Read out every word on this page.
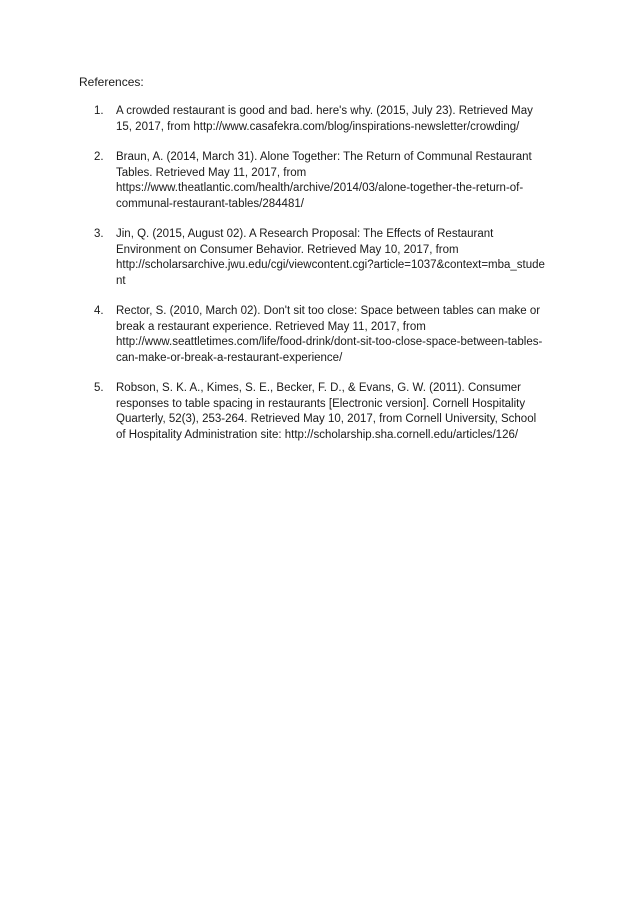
References:
1. A crowded restaurant is good and bad. here's why. (2015, July 23). Retrieved May
15, 2017, from http://www.casafekra.com/blog/inspirations-newsletter/crowding/
2. Braun, A. (2014, March 31). Alone Together: The Return of Communal Restaurant
Tables. Retrieved May 11, 2017, from
https://www.theatlantic.com/health/archive/2014/03/alone-together-the-return-of-
communal-restaurant-tables/284481/
3. Jin, Q. (2015, August 02). A Research Proposal: The Effects of Restaurant
Environment on Consumer Behavior. Retrieved May 10, 2017, from
http://scholarsarchive.jwu.edu/cgi/viewcontent.cgi?article=1037&context=mba_stude
nt
4. Rector, S. (2010, March 02). Don't sit too close: Space between tables can make or
break a restaurant experience. Retrieved May 11, 2017, from
http://www.seattletimes.com/life/food-drink/dont-sit-too-close-space-between-tables-
can-make-or-break-a-restaurant-experience/
5. Robson, S. K. A., Kimes, S. E., Becker, F. D., & Evans, G. W. (2011). Consumer
responses to table spacing in restaurants [Electronic version]. Cornell Hospitality
Quarterly, 52(3), 253-264. Retrieved May 10, 2017, from Cornell University, School
of Hospitality Administration site: http://scholarship.sha.cornell.edu/articles/126/
